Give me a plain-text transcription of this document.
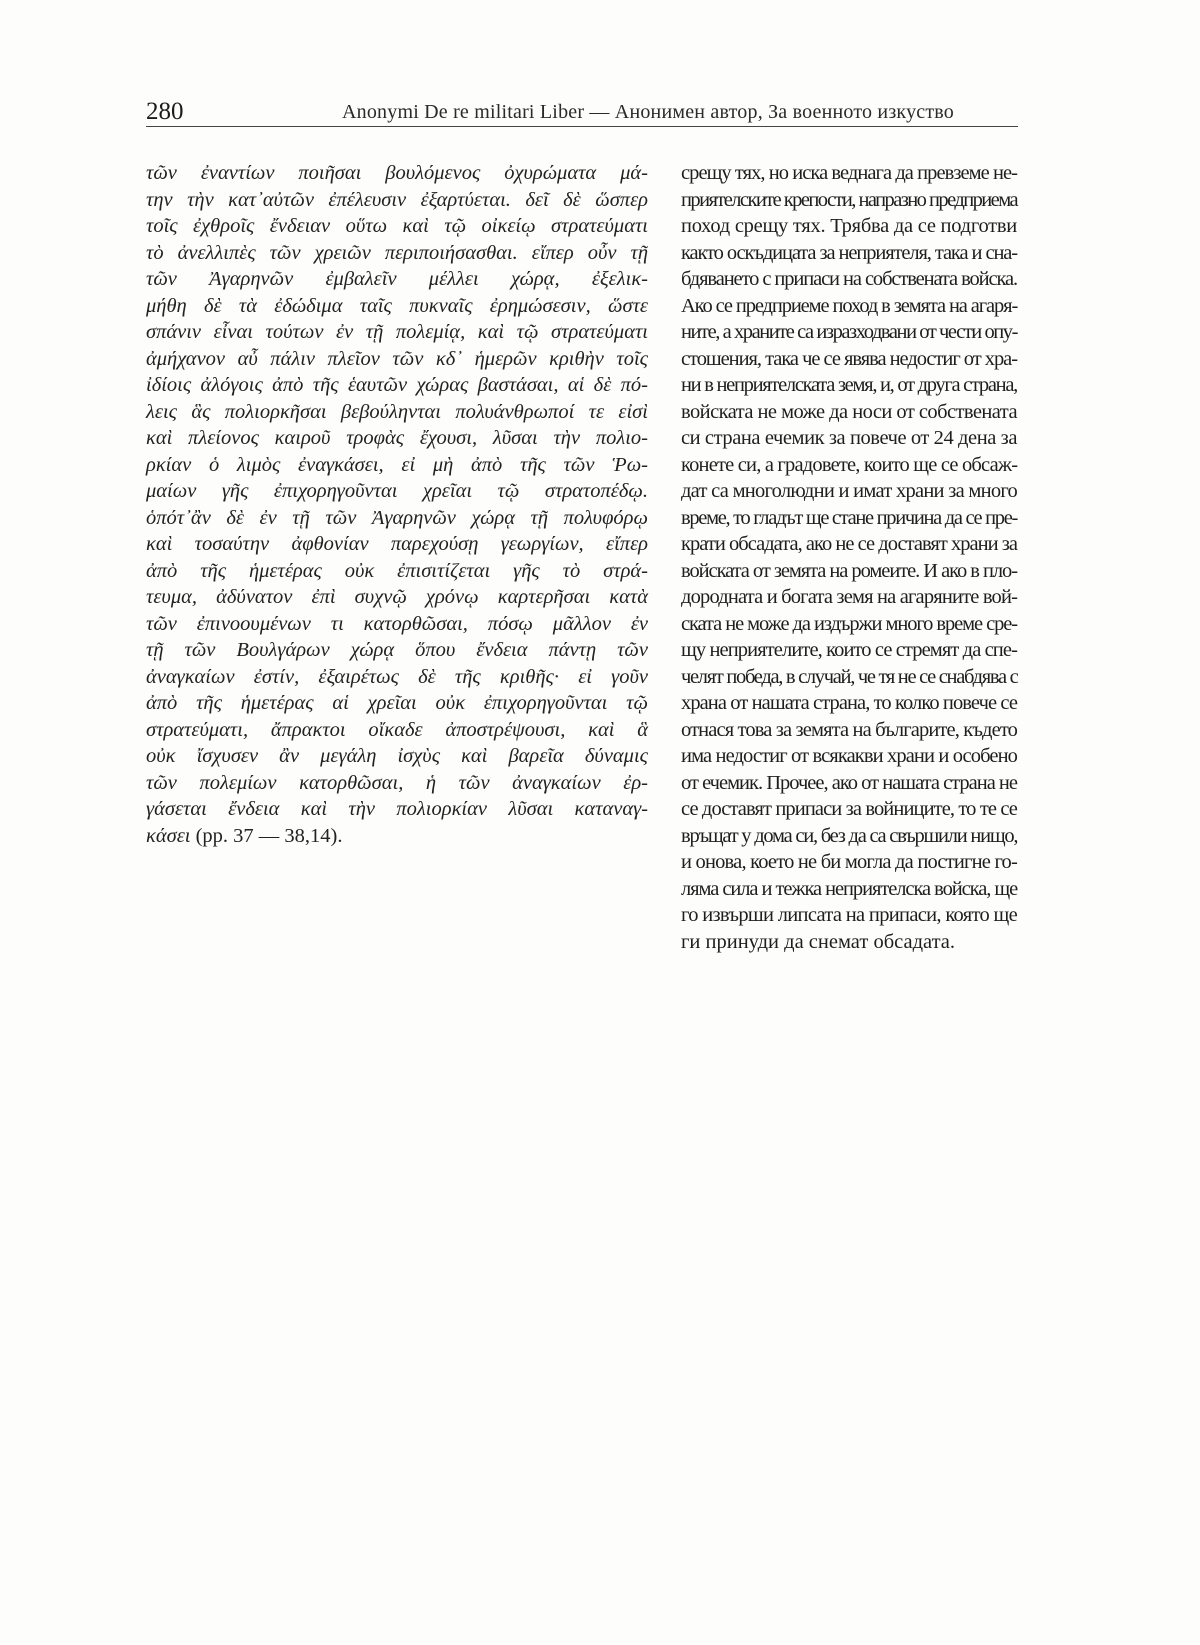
280	Anonymi De re militari Liber — Анонимен автор, За военното изкуство
τῶν ἐναντίων ποιῆσαι βουλόμενος ὀχυρώματα μά-
την τὴν κατ᾽αὐτῶν ἐπέλευσιν ἐξαρτύεται. δεῖ δὲ ὥσπερ
τοῖς ἐχθροῖς ἔνδειαν οὕτω καὶ τῷ οἰκείῳ στρατεύματι
τὸ ἀνελλιπὲς τῶν χρειῶν περιποιήσασθαι. εἴπερ οὖν τῇ
τῶν Ἀγαρηνῶν ἐμβαλεῖν μέλλει χώρᾳ, ἐξελικ-
μήθη δὲ τὰ ἐδώδιμα ταῖς πυκναῖς ἐρημώσεσιν, ὥστε
σπάνιν εἶναι τούτων ἐν τῇ πολεμίᾳ, καὶ τῷ στρατεύματι
ἀμήχανον αὖ πάλιν πλεῖον τῶν κδ᾽ ἡμερῶν κριθὴν τοῖς
ἰδίοις ἀλόγοις ἀπὸ τῆς ἑαυτῶν χώρας βαστάσαι, αἱ δὲ πό-
λεις ἃς πολιορκῆσαι βεβούληνται πολυάνθρωποί τε εἰσὶ
καὶ πλείονος καιροῦ τροφὰς ἔχουσι, λῦσαι τὴν πολιο-
ρκίαν ὁ λιμὸς ἐναγκάσει, εἰ μὴ ἀπὸ τῆς τῶν Ῥω-
μαίων γῆς ἐπιχορηγοῦνται χρεῖαι τῷ στρατοπέδῳ.
ὁπότ᾽ἂν δὲ ἐν τῇ τῶν Ἀγαρηνῶν χώρᾳ τῇ πολυφόρῳ
καὶ τοσαύτην ἀφθονίαν παρεχούσῃ γεωργίων, εἴπερ
ἀπὸ τῆς ἡμετέρας οὐκ ἐπισιτίζεται γῆς τὸ στρά-
τευμα, ἀδύνατον ἐπὶ συχνῷ χρόνῳ καρτερῆσαι κατὰ
τῶν ἐπινοουμένων τι κατορθῶσαι, πόσῳ μᾶλλον ἐν
τῇ τῶν Βουλγάρων χώρᾳ ὅπου ἔνδεια πάντῃ τῶν
ἀναγκαίων ἐστίν, ἐξαιρέτως δὲ τῆς κριθῆς· εἰ γοῦν
ἀπὸ τῆς ἡμετέρας αἱ χρεῖαι οὐκ ἐπιχορηγοῦνται τῷ
στρατεύματι, ἄπρακτοι οἴκαδε ἀποστρέψουσι, καὶ ἃ
οὐκ ἴσχυσεν ἂν μεγάλη ἰσχὺς καὶ βαρεῖα δύναμις
τῶν πολεμίων κατορθῶσαι, ἡ τῶν ἀναγκαίων ἐρ-
γάσεται ἔνδεια καὶ τὴν πολιορκίαν λῦσαι καταναγ-
κάσει (pp. 37 — 38,14).
срещу тях, но иска веднага да превземе не-
приятелските крепости, напразно предприема
поход срещу тях. Трябва да се подготви
както оскъдицата за неприятеля, така и сна-
бдяването с припаси на собствената войска.
Ако се предприеме поход в земята на агаря-
ните, а храните са изразходвани от чести опу-
стошения, така че се явява недостиг от хра-
ни в неприятелската земя, и, от друга страна,
войската не може да носи от собствената
си страна ечемик за повече от 24 дена за
конете си, а градовете, които ще се обсаж-
дат са многолюдни и имат храни за много
време, то гладът ще стане причина да се пре-
крати обсадата, ако не се доставят храни за
войската от земята на ромеите. И ако в пло-
дородната и богата земя на агаряните вой-
ската не може да издържи много време сре-
щу неприятелите, които се стремят да спе-
челят победа, в случай, че тя не се снабдява с
храна от нашата страна, то колко повече се
отнася това за земята на българите, където
има недостиг от всякакви храни и особено
от ечемик. Прочее, ако от нашата страна не
се доставят припаси за войниците, то те се
връщат у дома си, без да са свършили нищо,
и онова, което не би могла да постигне го-
ляма сила и тежка неприятелска войска, ще
го извърши липсата на припаси, която ще
ги принуди да снемат обсадата.
